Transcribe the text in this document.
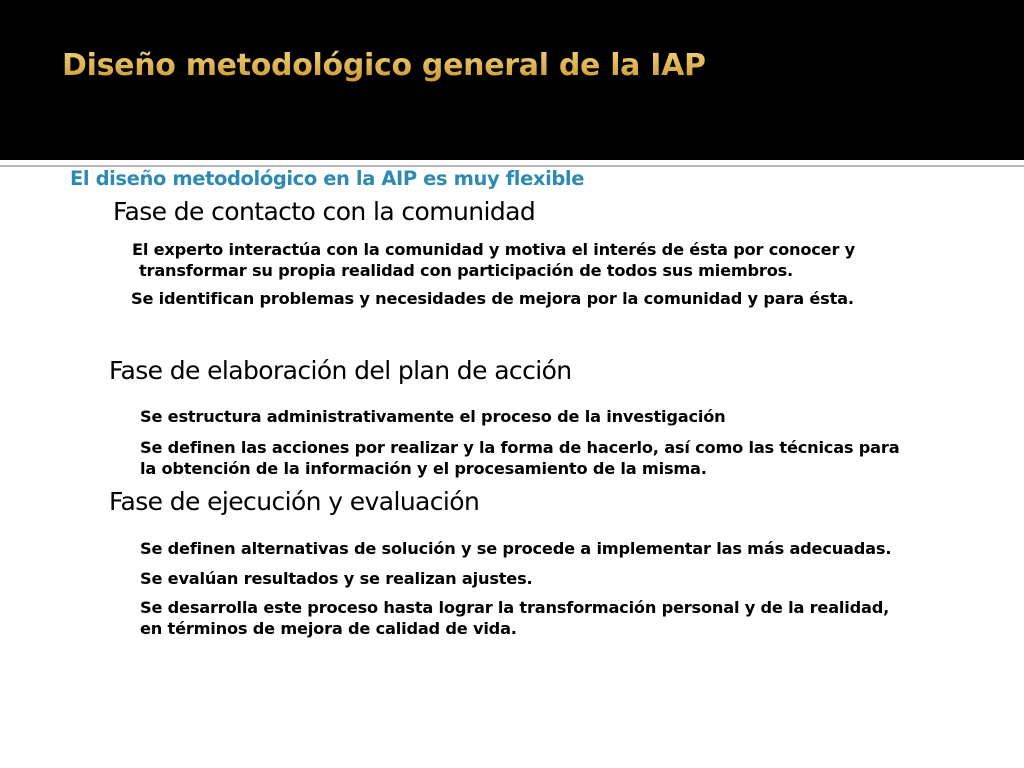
Diseño metodológico general de la IAP
El diseño metodológico en la AIP es muy flexible
Fase de contacto con la comunidad
El experto interactúa con la comunidad y motiva el interés de ésta por conocer y
transformar su propia realidad con participación de todos sus miembros.
Se identifican problemas y necesidades de mejora por la comunidad y para ésta.
Fase de elaboración del plan de acción
Se estructura administrativamente el proceso de la investigación
Se definen las acciones por realizar y la forma de hacerlo, así como las técnicas para
la obtención de la información y el procesamiento de la misma.
Fase de ejecución y evaluación
Se definen alternativas de solución y se procede a implementar las más adecuadas.
Se evalúan resultados y se realizan ajustes.
Se desarrolla este proceso hasta lograr la transformación personal y de la realidad,
en términos de mejora de calidad de vida.
